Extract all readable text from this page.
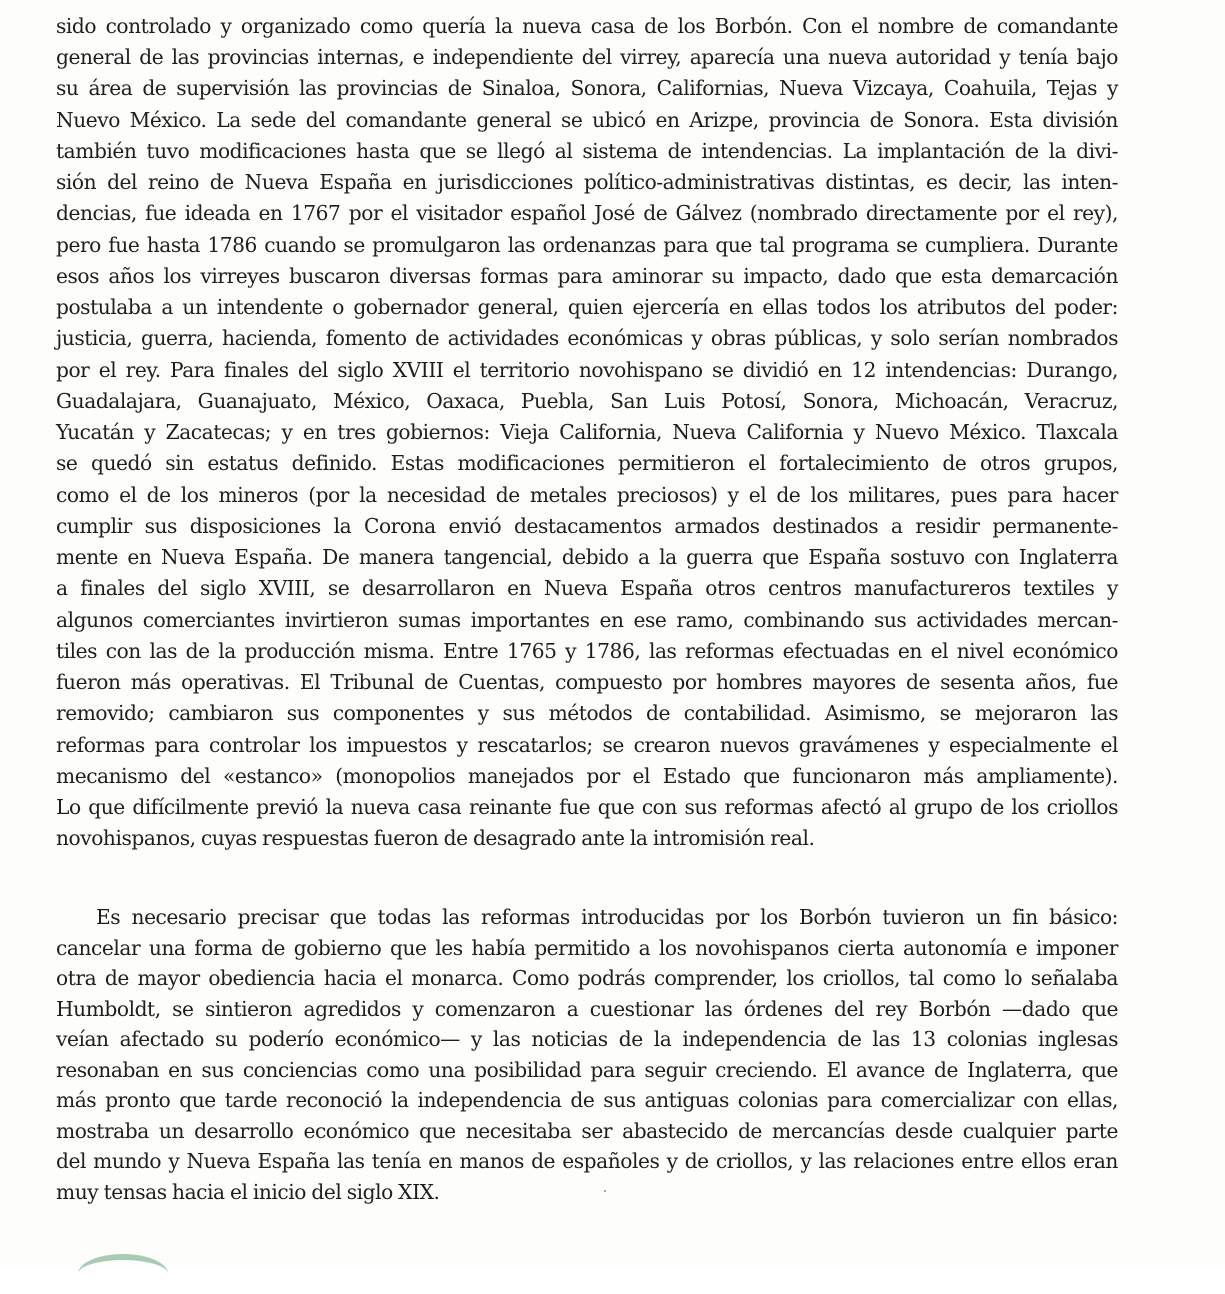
sido controlado y organizado como quería la nueva casa de los Borbón. Con el nombre de comandante

general de las provincias internas, e independiente del virrey, aparecía una nueva autoridad y tenía bajo

su área de supervisión las provincias de Sinaloa, Sonora, Californias, Nueva Vizcaya, Coahuila, Tejas y

Nuevo México. La sede del comandante general se ubicó en Arizpe, provincia de Sonora. Esta división

también tuvo modificaciones hasta que se llegó al sistema de intendencias. La implantación de la divi-

sión del reino de Nueva España en jurisdicciones político-administrativas distintas, es decir, las inten-

dencias, fue ideada en 1767 por el visitador español José de Gálvez (nombrado directamente por el rey),

pero fue hasta 1786 cuando se promulgaron las ordenanzas para que tal programa se cumpliera. Durante

esos años los virreyes buscaron diversas formas para aminorar su impacto, dado que esta demarcación

postulaba a un intendente o gobernador general, quien ejercería en ellas todos los atributos del poder:

justicia, guerra, hacienda, fomento de actividades económicas y obras públicas, y solo serían nombrados

por el rey. Para finales del siglo XVIII el territorio novohispano se dividió en 12 intendencias: Durango,

Guadalajara, Guanajuato, México, Oaxaca, Puebla, San Luis Potosí, Sonora, Michoacán, Veracruz,

Yucatán y Zacatecas; y en tres gobiernos: Vieja California, Nueva California y Nuevo México. Tlaxcala

se quedó sin estatus definido. Estas modificaciones permitieron el fortalecimiento de otros grupos,

como el de los mineros (por la necesidad de metales preciosos) y el de los militares, pues para hacer

cumplir sus disposiciones la Corona envió destacamentos armados destinados a residir permanente-

mente en Nueva España. De manera tangencial, debido a la guerra que España sostuvo con Inglaterra

a finales del siglo XVIII, se desarrollaron en Nueva España otros centros manufactureros textiles y

algunos comerciantes invirtieron sumas importantes en ese ramo, combinando sus actividades mercan-

tiles con las de la producción misma. Entre 1765 y 1786, las reformas efectuadas en el nivel económico

fueron más operativas. El Tribunal de Cuentas, compuesto por hombres mayores de sesenta años, fue

removido; cambiaron sus componentes y sus métodos de contabilidad. Asimismo, se mejoraron las

reformas para controlar los impuestos y rescatarlos; se crearon nuevos gravámenes y especialmente el

mecanismo del «estanco» (monopolios manejados por el Estado que funcionaron más ampliamente).

Lo que difícilmente previó la nueva casa reinante fue que con sus reformas afectó al grupo de los criollos

novohispanos, cuyas respuestas fueron de desagrado ante la intromisión real.

Es necesario precisar que todas las reformas introducidas por los Borbón tuvieron un fin básico:

cancelar una forma de gobierno que les había permitido a los novohispanos cierta autonomía e imponer

otra de mayor obediencia hacia el monarca. Como podrás comprender, los criollos, tal como lo señalaba

Humboldt, se sintieron agredidos y comenzaron a cuestionar las órdenes del rey Borbón —dado que

veían afectado su poderío económico— y las noticias de la independencia de las 13 colonias inglesas

resonaban en sus conciencias como una posibilidad para seguir creciendo. El avance de Inglaterra, que

más pronto que tarde reconoció la independencia de sus antiguas colonias para comercializar con ellas,

mostraba un desarrollo económico que necesitaba ser abastecido de mercancías desde cualquier parte

del mundo y Nueva España las tenía en manos de españoles y de criollos, y las relaciones entre ellos eran

muy tensas hacia el inicio del siglo XIX.
